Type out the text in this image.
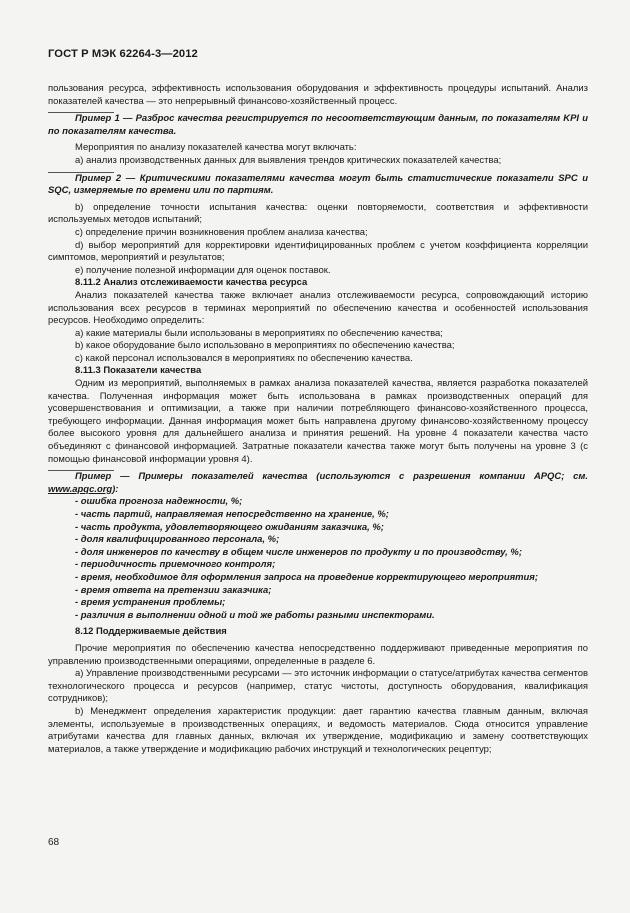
ГОСТ Р МЭК 62264-3—2012

пользования ресурса, эффективность использования оборудования и эффективность процедуры испытаний. Анализ показателей качества — это непрерывный финансово-хозяйственный процесс.

Пример 1 — Разброс качества регистрируется по несоответствующим данным, по показателям KPI и по показателям качества.

Мероприятия по анализу показателей качества могут включать:

а) анализ производственных данных для выявления трендов критических показателей качества;

Пример 2 — Критическими показателями качества могут быть статистические показатели SPC и SQC, измеряемые по времени или по партиям.

b) определение точности испытания качества: оценки повторяемости, соответствия и эффективности используемых методов испытаний;

c) определение причин возникновения проблем анализа качества;

d) выбор мероприятий для корректировки идентифицированных проблем с учетом коэффициента корреляции симптомов, мероприятий и результатов;

e) получение полезной информации для оценок поставок.

8.11.2 Анализ отслеживаемости качества ресурса

Анализ показателей качества также включает анализ отслеживаемости ресурса, сопровождающий историю использования всех ресурсов в терминах мероприятий по обеспечению качества и особенностей использования ресурсов. Необходимо определить:

а) какие материалы были использованы в мероприятиях по обеспечению качества;

b) какое оборудование было использовано в мероприятиях по обеспечению качества;

c) какой персонал использовался в мероприятиях по обеспечению качества.

8.11.3 Показатели качества

Одним из мероприятий, выполняемых в рамках анализа показателей качества, является разработка показателей качества. Полученная информация может быть использована в рамках производственных операций для усовершенствования и оптимизации, а также при наличии потребляющего финансово-хозяйственного процесса, требующего информации. Данная информация может быть направлена другому финансово-хозяйственному процессу более высокого уровня для дальнейшего анализа и принятия решений. На уровне 4 показатели качества часто объединяют с финансовой информацией. Затратные показатели качества также могут быть получены на уровне 3 (с помощью финансовой информации уровня 4).

Пример — Примеры показателей качества (используются с разрешения компании APQC; см. www.apqc.org):

- ошибка прогноза надежности, %;

- часть партий, направляемая непосредственно на хранение, %;

- часть продукта, удовлетворяющего ожиданиям заказчика, %;

- доля квалифицированного персонала, %;

- доля инженеров по качеству в общем числе инженеров по продукту и по производству, %;

- периодичность приемочного контроля;

- время, необходимое для оформления запроса на проведение корректирующего мероприятия;

- время ответа на претензии заказчика;

- время устранения проблемы;

- различия в выполнении одной и той же работы разными инспекторами.

8.12 Поддерживаемые действия

Прочие мероприятия по обеспечению качества непосредственно поддерживают приведенные мероприятия по управлению производственными операциями, определенные в разделе 6.

а) Управление производственными ресурсами — это источник информации о статусе/атрибутах качества сегментов технологического процесса и ресурсов (например, статус чистоты, доступность оборудования, квалификация сотрудников);

b) Менеджмент определения характеристик продукции: дает гарантию качества главным данным, включая элементы, используемые в производственных операциях, и ведомость материалов. Сюда относится управление атрибутами качества для главных данных, включая их утверждение, модификацию и замену соответствующих материалов, а также утверждение и модификацию рабочих инструкций и технологических рецептур;

68
